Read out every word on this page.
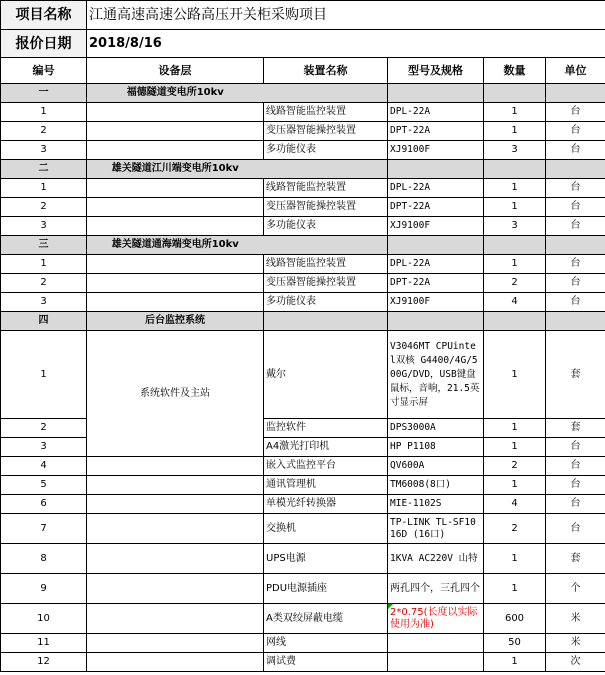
项目名称	江通高速高速公路高压开关柜采购项目				
报价日期	2018/8/16				
编号	设备层	装置名称	型号及规格	数量	单位
一	福德隧道变电所10kv				
1		线路智能监控装置	DPL-22A	1	台
2		变压器智能操控装置	DPT-22A	1	台
3		多功能仪表	XJ9100F	3	台
二	雄关隧道江川端变电所10kv				
1		线路智能监控装置	DPL-22A	1	台
2		变压器智能操控装置	DPT-22A	1	台
3		多功能仪表	XJ9100F	3	台
三	雄关隧道通海端变电所10kv				
1		线路智能监控装置	DPL-22A	1	台
2		变压器智能操控装置	DPT-22A	2	台
3		多功能仪表	XJ9100F	4	台
四	后台监控系统				
1	系统软件及主站	戴尔	V3046MT CPUintel双核 G4400/4G/500G/DVD，USB键盘鼠标，音响，21.5英寸显示屏	1	套
2		监控软件	DPS3000A	1	套
3		A4激光打印机	HP P1108	1	台
4		嵌入式监控平台	QV600A	2	台
5		通讯管理机	TM6008(8口)	1	台
6		单模光纤转换器	MIE-1102S	4	台
7		交换机	TP-LINK TL-SF1016D (16口)	2	台
8		UPS电源	1KVA AC220V 山特	1	套
9		PDU电源插座	两孔四个，三孔四个	1	个
10		A类双绞屏蔽电缆	2*0.75(长度以实际使用为准)	600	米
11		网线		50	米
12		调试费		1	次
